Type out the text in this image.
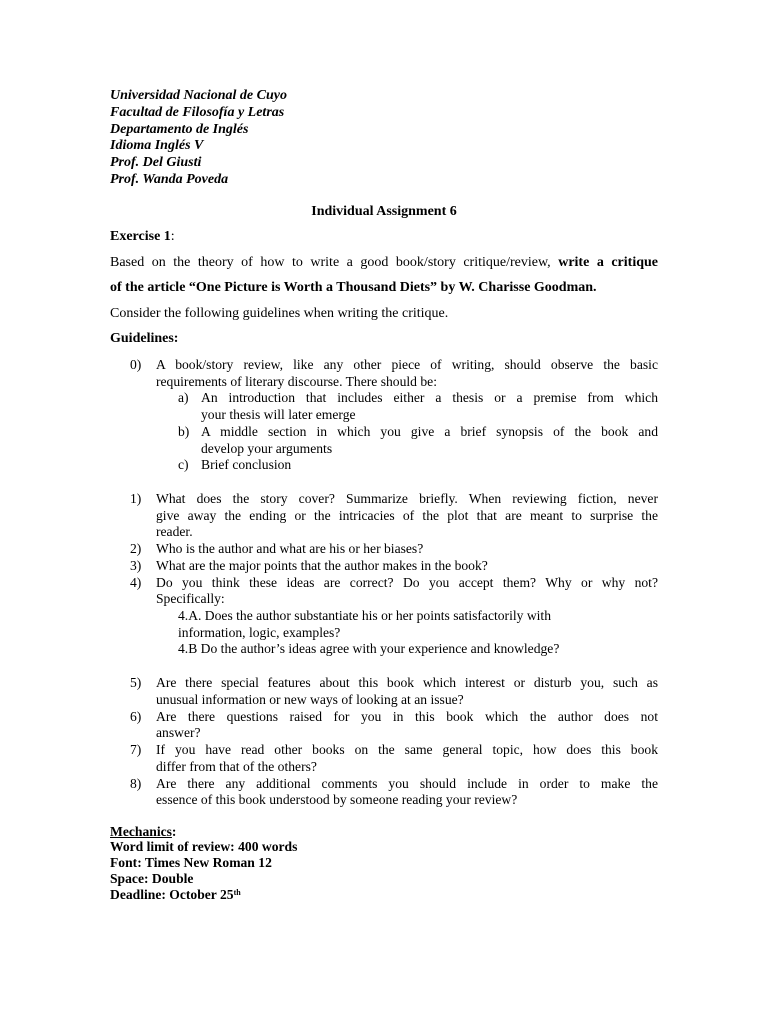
Universidad Nacional de Cuyo
Facultad de Filosofía y Letras
Departamento de Inglés
Idioma Inglés V
Prof. Del Giusti
Prof. Wanda Poveda
Individual Assignment 6
Exercise 1:
Based on the theory of how to write a good book/story critique/review, write a critique
of the article “One Picture is Worth a Thousand Diets” by W. Charisse Goodman.
Consider the following guidelines when writing the critique.
Guidelines:
0)	A book/story review, like any other piece of writing, should observe the basic
requirements of literary discourse. There should be:
a) An introduction that includes either a thesis or a premise from which
your thesis will later emerge
b) A middle section in which you give a brief synopsis of the book and
develop your arguments
c) Brief conclusion
1)	What does the story cover? Summarize briefly. When reviewing fiction, never
give away the ending or the intricacies of the plot that are meant to surprise the
reader.
2)	Who is the author and what are his or her biases?
3)	What are the major points that the author makes in the book?
4)	Do you think these ideas are correct? Do you accept them? Why or why not?
Specifically:
4.A. Does the author substantiate his or her points satisfactorily with
information, logic, examples?
4.B Do the author’s ideas agree with your experience and knowledge?
5)	Are there special features about this book which interest or disturb you, such as
unusual information or new ways of looking at an issue?
6)	Are there questions raised for you in this book which the author does not
answer?
7)	If you have read other books on the same general topic, how does this book
differ from that of the others?
8)	Are there any additional comments you should include in order to make the
essence of this book understood by someone reading your review?
Mechanics:
Word limit of review: 400 words
Font: Times New Roman 12
Space: Double
Deadline: October 25th
